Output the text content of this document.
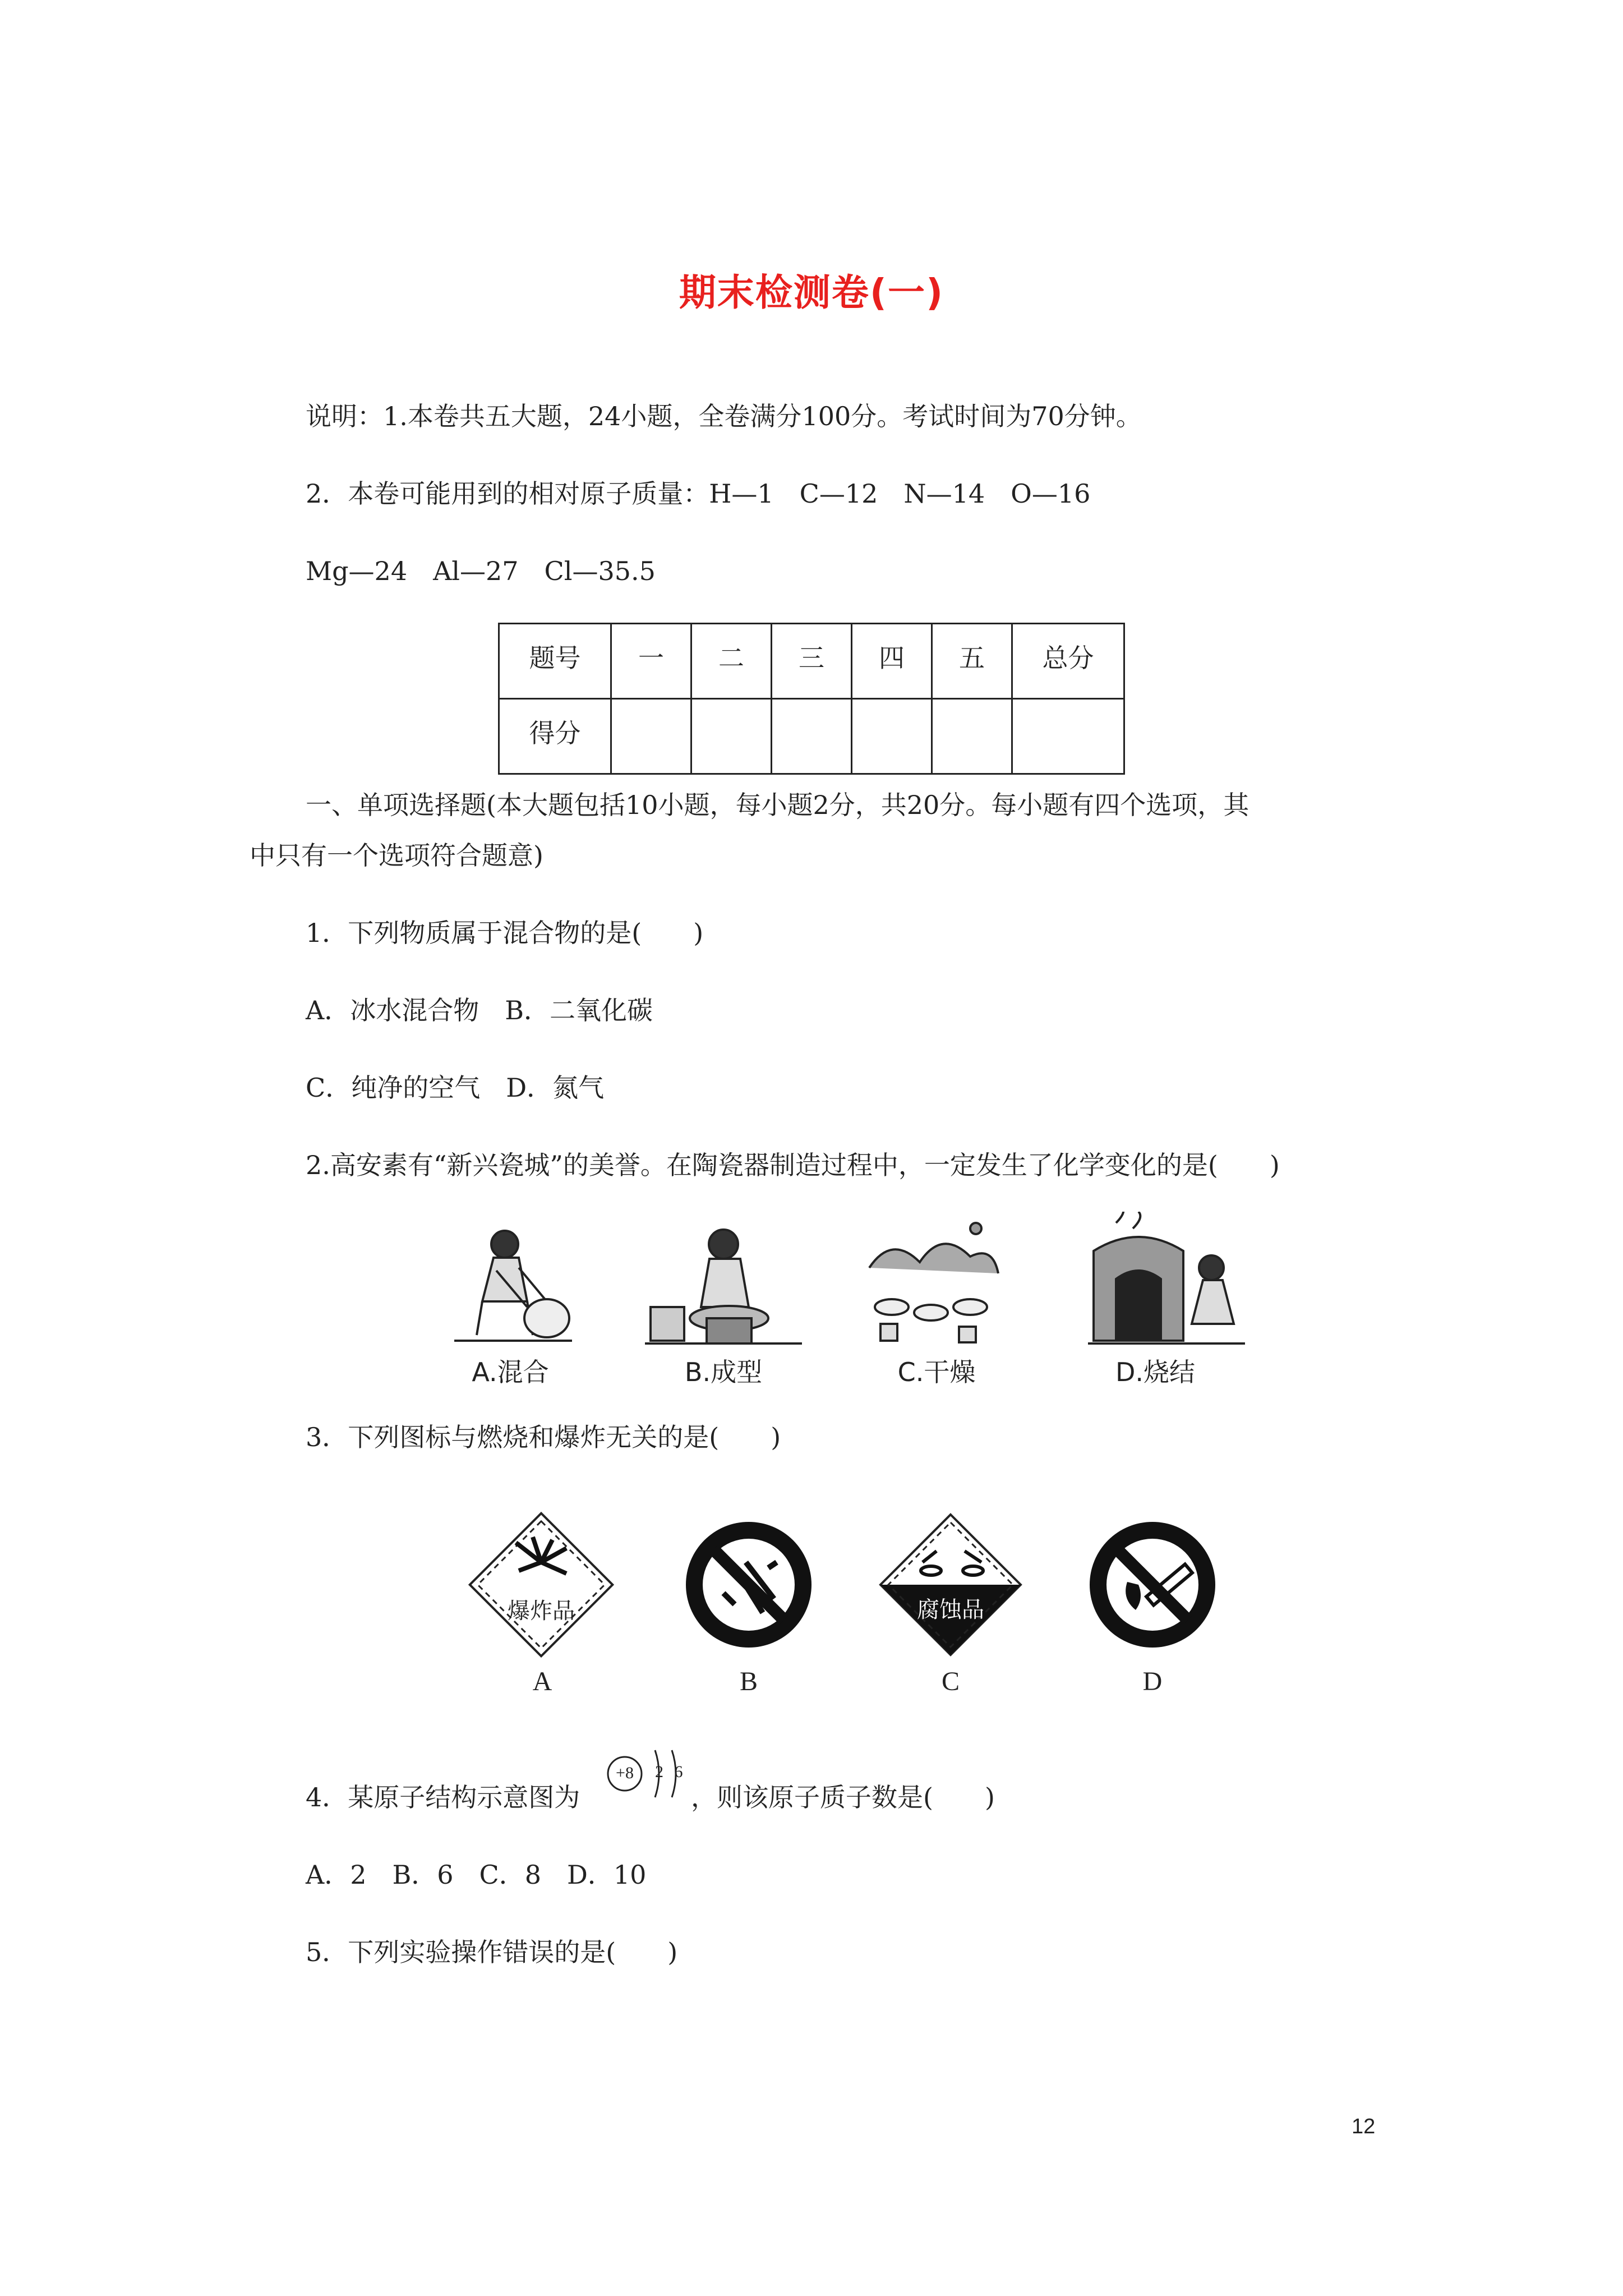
期末检测卷(一)
说明：1.本卷共五大题，24小题，全卷满分100分。考试时间为70分钟。
2．本卷可能用到的相对原子质量：H—1　C—12　N—14　O—16
Mg—24　Al—27　Cl—35.5
题号	一	二	三	四	五	总分
得分						
一、单项选择题(本大题包括10小题，每小题2分，共20分。每小题有四个选项，其
中只有一个选项符合题意)
1．下列物质属于混合物的是(　　)
A．冰水混合物　B．二氧化碳
C．纯净的空气　D．氮气
2.高安素有“新兴瓷城”的美誉。在陶瓷器制造过程中，一定发生了化学变化的是(　　)
A.混合	B.成型	C.干燥	D.烧结
3．下列图标与燃烧和爆炸无关的是(　　)
爆炸品	腐蚀品
A	B	C	D
4．某原子结构示意图为
+8	2 6
，则该原子质子数是(　　)
A．2　B．6　C．8　D．10
5．下列实验操作错误的是(　　)
12
